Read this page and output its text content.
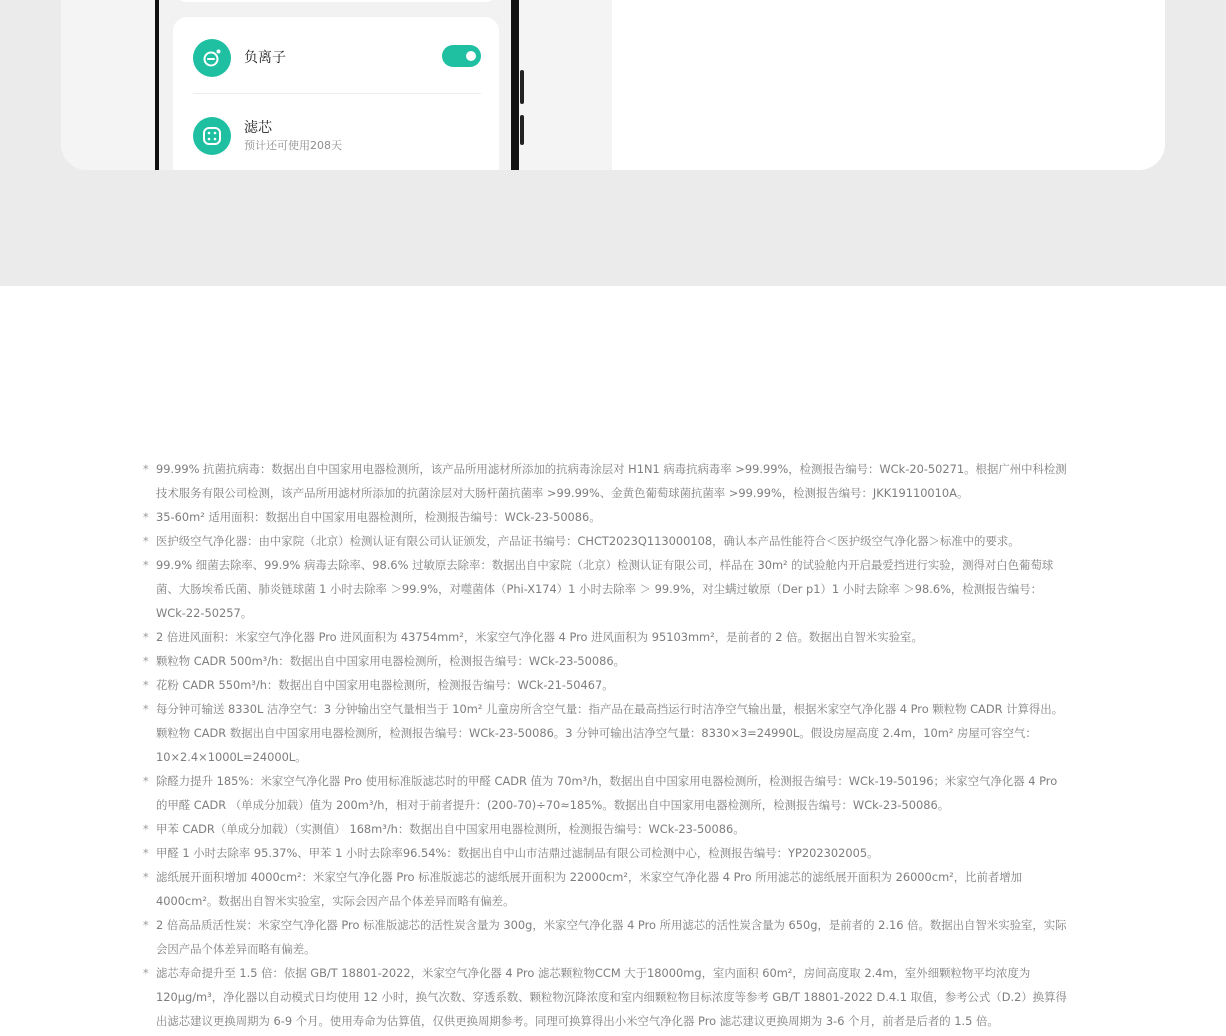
负离子
滤芯
预计还可使用208天
* 99.99% 抗菌抗病毒：数据出自中国家用电器检测所，该产品所用滤材所添加的抗病毒涂层对 H1N1 病毒抗病毒率 >99.99%，检测报告编号：WCk-20-50271。根据广州中科检测技术服务有限公司检测，该产品所用滤材所添加的抗菌涂层对大肠杆菌抗菌率 >99.99%、金黄色葡萄球菌抗菌率 >99.99%，检测报告编号：JKK19110010A。
* 35-60m² 适用面积：数据出自中国家用电器检测所，检测报告编号：WCk-23-50086。
* 医护级空气净化器：由中家院（北京）检测认证有限公司认证颁发，产品证书编号：CHCT2023Q113000108，确认本产品性能符合＜医护级空气净化器＞标准中的要求。
* 99.9% 细菌去除率、99.9% 病毒去除率、98.6% 过敏原去除率：数据出自中家院（北京）检测认证有限公司，样品在 30m² 的试验舱内开启最爱挡进行实验，测得对白色葡萄球菌、大肠埃希氏菌、肺炎链球菌 1 小时去除率 ＞99.9%，对噬菌体（Phi-X174）1 小时去除率 ＞ 99.9%，对尘螨过敏原（Der p1）1 小时去除率 ＞98.6%，检测报告编号：WCk-22-50257。
* 2 倍进风面积：米家空气净化器 Pro 进风面积为 43754mm²，米家空气净化器 4 Pro 进风面积为 95103mm²，是前者的 2 倍。数据出自智米实验室。
* 颗粒物 CADR 500m³/h：数据出自中国家用电器检测所，检测报告编号：WCk-23-50086。
* 花粉 CADR 550m³/h：数据出自中国家用电器检测所，检测报告编号：WCk-21-50467。
* 每分钟可输送 8330L 洁净空气：3 分钟输出空气量相当于 10m² 儿童房所含空气量：指产品在最高挡运行时洁净空气输出量，根据米家空气净化器 4 Pro 颗粒物 CADR 计算得出。颗粒物 CADR 数据出自中国家用电器检测所，检测报告编号：WCk-23-50086。3 分钟可输出洁净空气量：8330×3=24990L。假设房屋高度 2.4m，10m² 房屋可容空气：10×2.4×1000L=24000L。
* 除醛力提升 185%：米家空气净化器 Pro 使用标准版滤芯时的甲醛 CADR 值为 70m³/h，数据出自中国家用电器检测所，检测报告编号：WCk-19-50196；米家空气净化器 4 Pro 的甲醛 CADR （单成分加载）值为 200m³/h，相对于前者提升：(200-70)÷70≈185%。数据出自中国家用电器检测所，检测报告编号：WCk-23-50086。
* 甲苯 CADR（单成分加载）（实测值） 168m³/h：数据出自中国家用电器检测所，检测报告编号：WCk-23-50086。
* 甲醛 1 小时去除率 95.37%、甲苯 1 小时去除率96.54%：数据出自中山市洁鼎过滤制品有限公司检测中心，检测报告编号：YP202302005。
* 滤纸展开面积增加 4000cm²：米家空气净化器 Pro 标准版滤芯的滤纸展开面积为 22000cm²，米家空气净化器 4 Pro 所用滤芯的滤纸展开面积为 26000cm²，比前者增加 4000cm²。数据出自智米实验室，实际会因产品个体差异而略有偏差。
* 2 倍高品质活性炭：米家空气净化器 Pro 标准版滤芯的活性炭含量为 300g，米家空气净化器 4 Pro 所用滤芯的活性炭含量为 650g，是前者的 2.16 倍。数据出自智米实验室，实际会因产品个体差异而略有偏差。
* 滤芯寿命提升至 1.5 倍：依据 GB/T 18801-2022，米家空气净化器 4 Pro 滤芯颗粒物CCM 大于18000mg，室内面积 60m²，房间高度取 2.4m，室外细颗粒物平均浓度为 120μg/m³，净化器以自动模式日均使用 12 小时，换气次数、穿透系数、颗粒物沉降浓度和室内细颗粒物目标浓度等参考 GB/T 18801-2022 D.4.1 取值，参考公式（D.2）换算得出滤芯建议更换周期为 6-9 个月。使用寿命为估算值，仅供更换周期参考。同理可换算得出小米空气净化器 Pro 滤芯建议更换周期为 3-6 个月，前者是后者的 1.5 倍。
